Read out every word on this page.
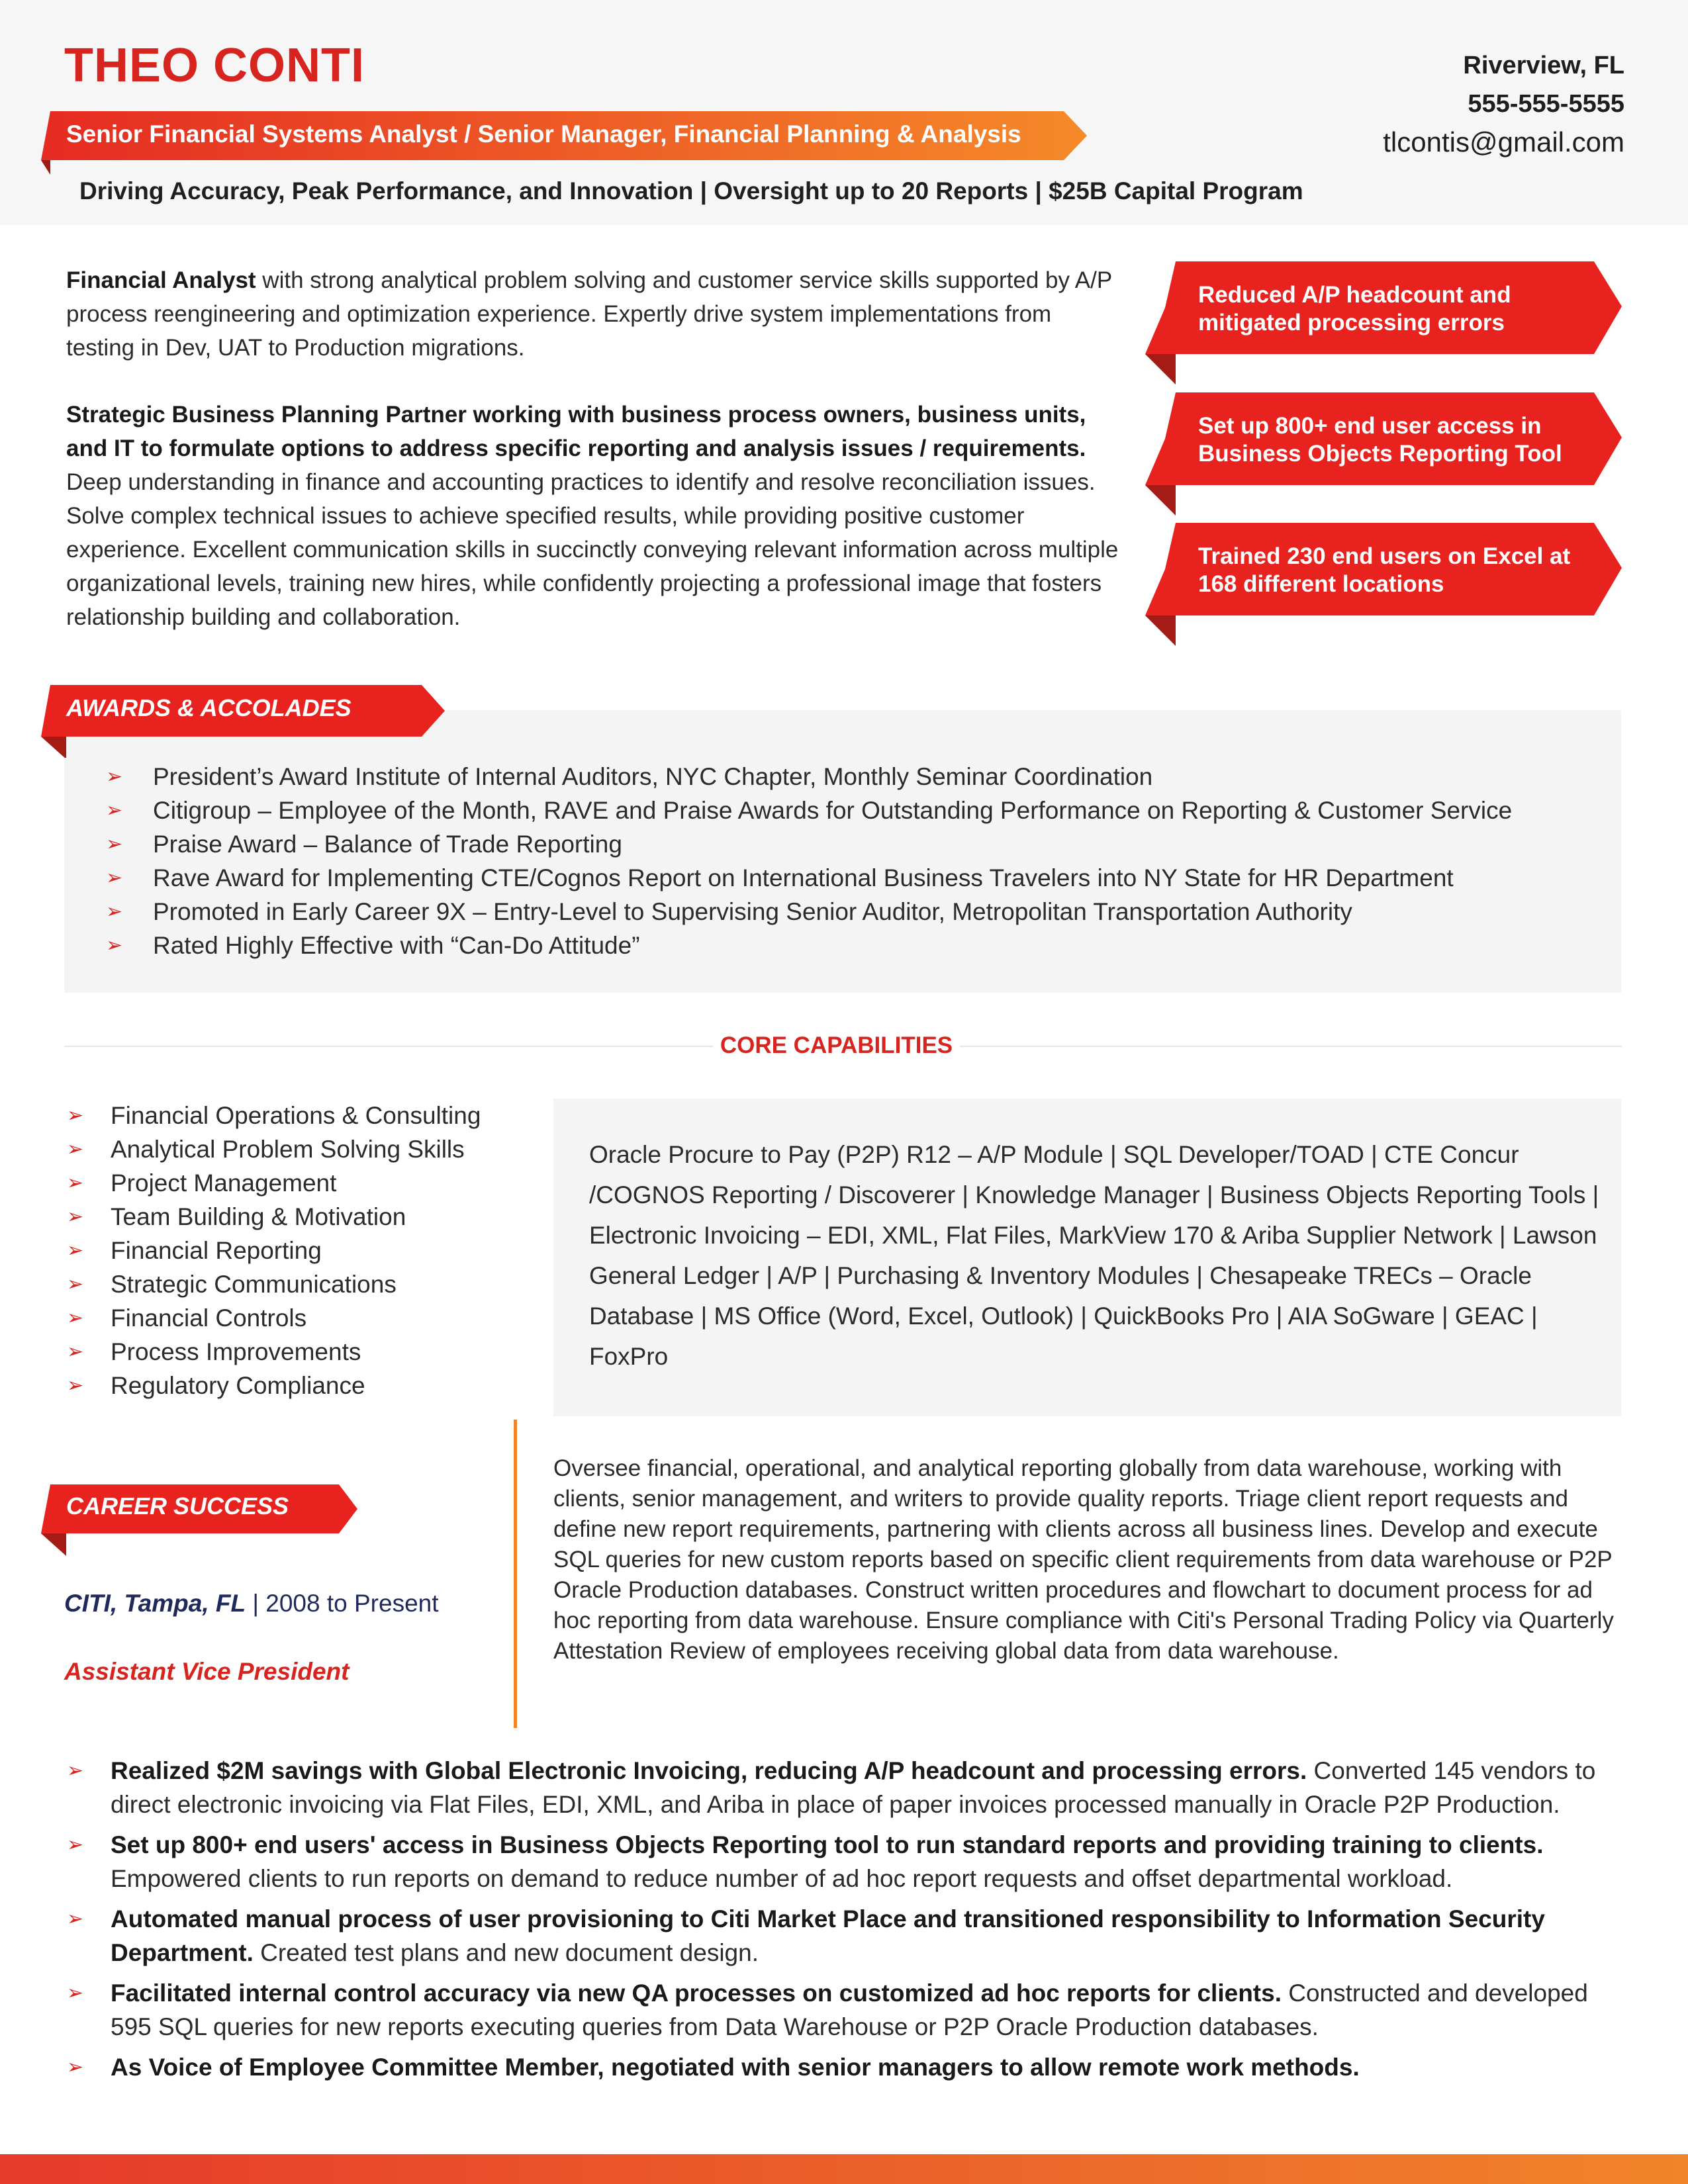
THEO CONTI	Riverview, FL
555-555-5555
tlcontis@gmail.com
Senior Financial Systems Analyst / Senior Manager, Financial Planning & Analysis
Driving Accuracy, Peak Performance, and Innovation | Oversight up to 20 Reports | $25B Capital Program

Financial Analyst with strong analytical problem solving and customer service skills supported by A/P process reengineering and optimization experience. Expertly drive system implementations from testing in Dev, UAT to Production migrations.

Strategic Business Planning Partner working with business process owners, business units, and IT to formulate options to address specific reporting and analysis issues / requirements. Deep understanding in finance and accounting practices to identify and resolve reconciliation issues. Solve complex technical issues to achieve specified results, while providing positive customer experience. Excellent communication skills in succinctly conveying relevant information across multiple organizational levels, training new hires, while confidently projecting a professional image that fosters relationship building and collaboration.

Reduced A/P headcount and mitigated processing errors
Set up 800+ end user access in Business Objects Reporting Tool
Trained 230 end users on Excel at 168 different locations
AWARDS & ACCOLADES
➢ President’s Award Institute of Internal Auditors, NYC Chapter, Monthly Seminar Coordination
➢ Citigroup – Employee of the Month, RAVE and Praise Awards for Outstanding Performance on Reporting & Customer Service
➢ Praise Award – Balance of Trade Reporting
➢ Rave Award for Implementing CTE/Cognos Report on International Business Travelers into NY State for HR Department
➢ Promoted in Early Career 9X – Entry-Level to Supervising Senior Auditor, Metropolitan Transportation Authority
➢ Rated Highly Effective with “Can-Do Attitude”
CORE CAPABILITIES
➢ Financial Operations & Consulting
➢ Analytical Problem Solving Skills
➢ Project Management
➢ Team Building & Motivation
➢ Financial Reporting
➢ Strategic Communications
➢ Financial Controls
➢ Process Improvements
➢ Regulatory Compliance
Oracle Procure to Pay (P2P) R12 – A/P Module | SQL Developer/TOAD | CTE Concur /COGNOS Reporting / Discoverer | Knowledge Manager | Business Objects Reporting Tools | Electronic Invoicing – EDI, XML, Flat Files, MarkView 170 & Ariba Supplier Network | Lawson General Ledger | A/P | Purchasing & Inventory Modules | Chesapeake TRECs – Oracle Database | MS Office (Word, Excel, Outlook) | QuickBooks Pro | AIA SoGware | GEAC | FoxPro
CAREER SUCCESS
CITI, Tampa, FL | 2008 to Present
Assistant Vice President
Oversee financial, operational, and analytical reporting globally from data warehouse, working with clients, senior management, and writers to provide quality reports. Triage client report requests and define new report requirements, partnering with clients across all business lines. Develop and execute SQL queries for new custom reports based on specific client requirements from data warehouse or P2P Oracle Production databases. Construct written procedures and flowchart to document process for ad hoc reporting from data warehouse. Ensure compliance with Citi's Personal Trading Policy via Quarterly Attestation Review of employees receiving global data from data warehouse.
➢ Realized $2M savings with Global Electronic Invoicing, reducing A/P headcount and processing errors. Converted 145 vendors to direct electronic invoicing via Flat Files, EDI, XML, and Ariba in place of paper invoices processed manually in Oracle P2P Production.
➢ Set up 800+ end users' access in Business Objects Reporting tool to run standard reports and providing training to clients. Empowered clients to run reports on demand to reduce number of ad hoc report requests and offset departmental workload.
➢ Automated manual process of user provisioning to Citi Market Place and transitioned responsibility to Information Security Department. Created test plans and new document design.
➢ Facilitated internal control accuracy via new QA processes on customized ad hoc reports for clients. Constructed and developed 595 SQL queries for new reports executing queries from Data Warehouse or P2P Oracle Production databases.
➢ As Voice of Employee Committee Member, negotiated with senior managers to allow remote work methods.
